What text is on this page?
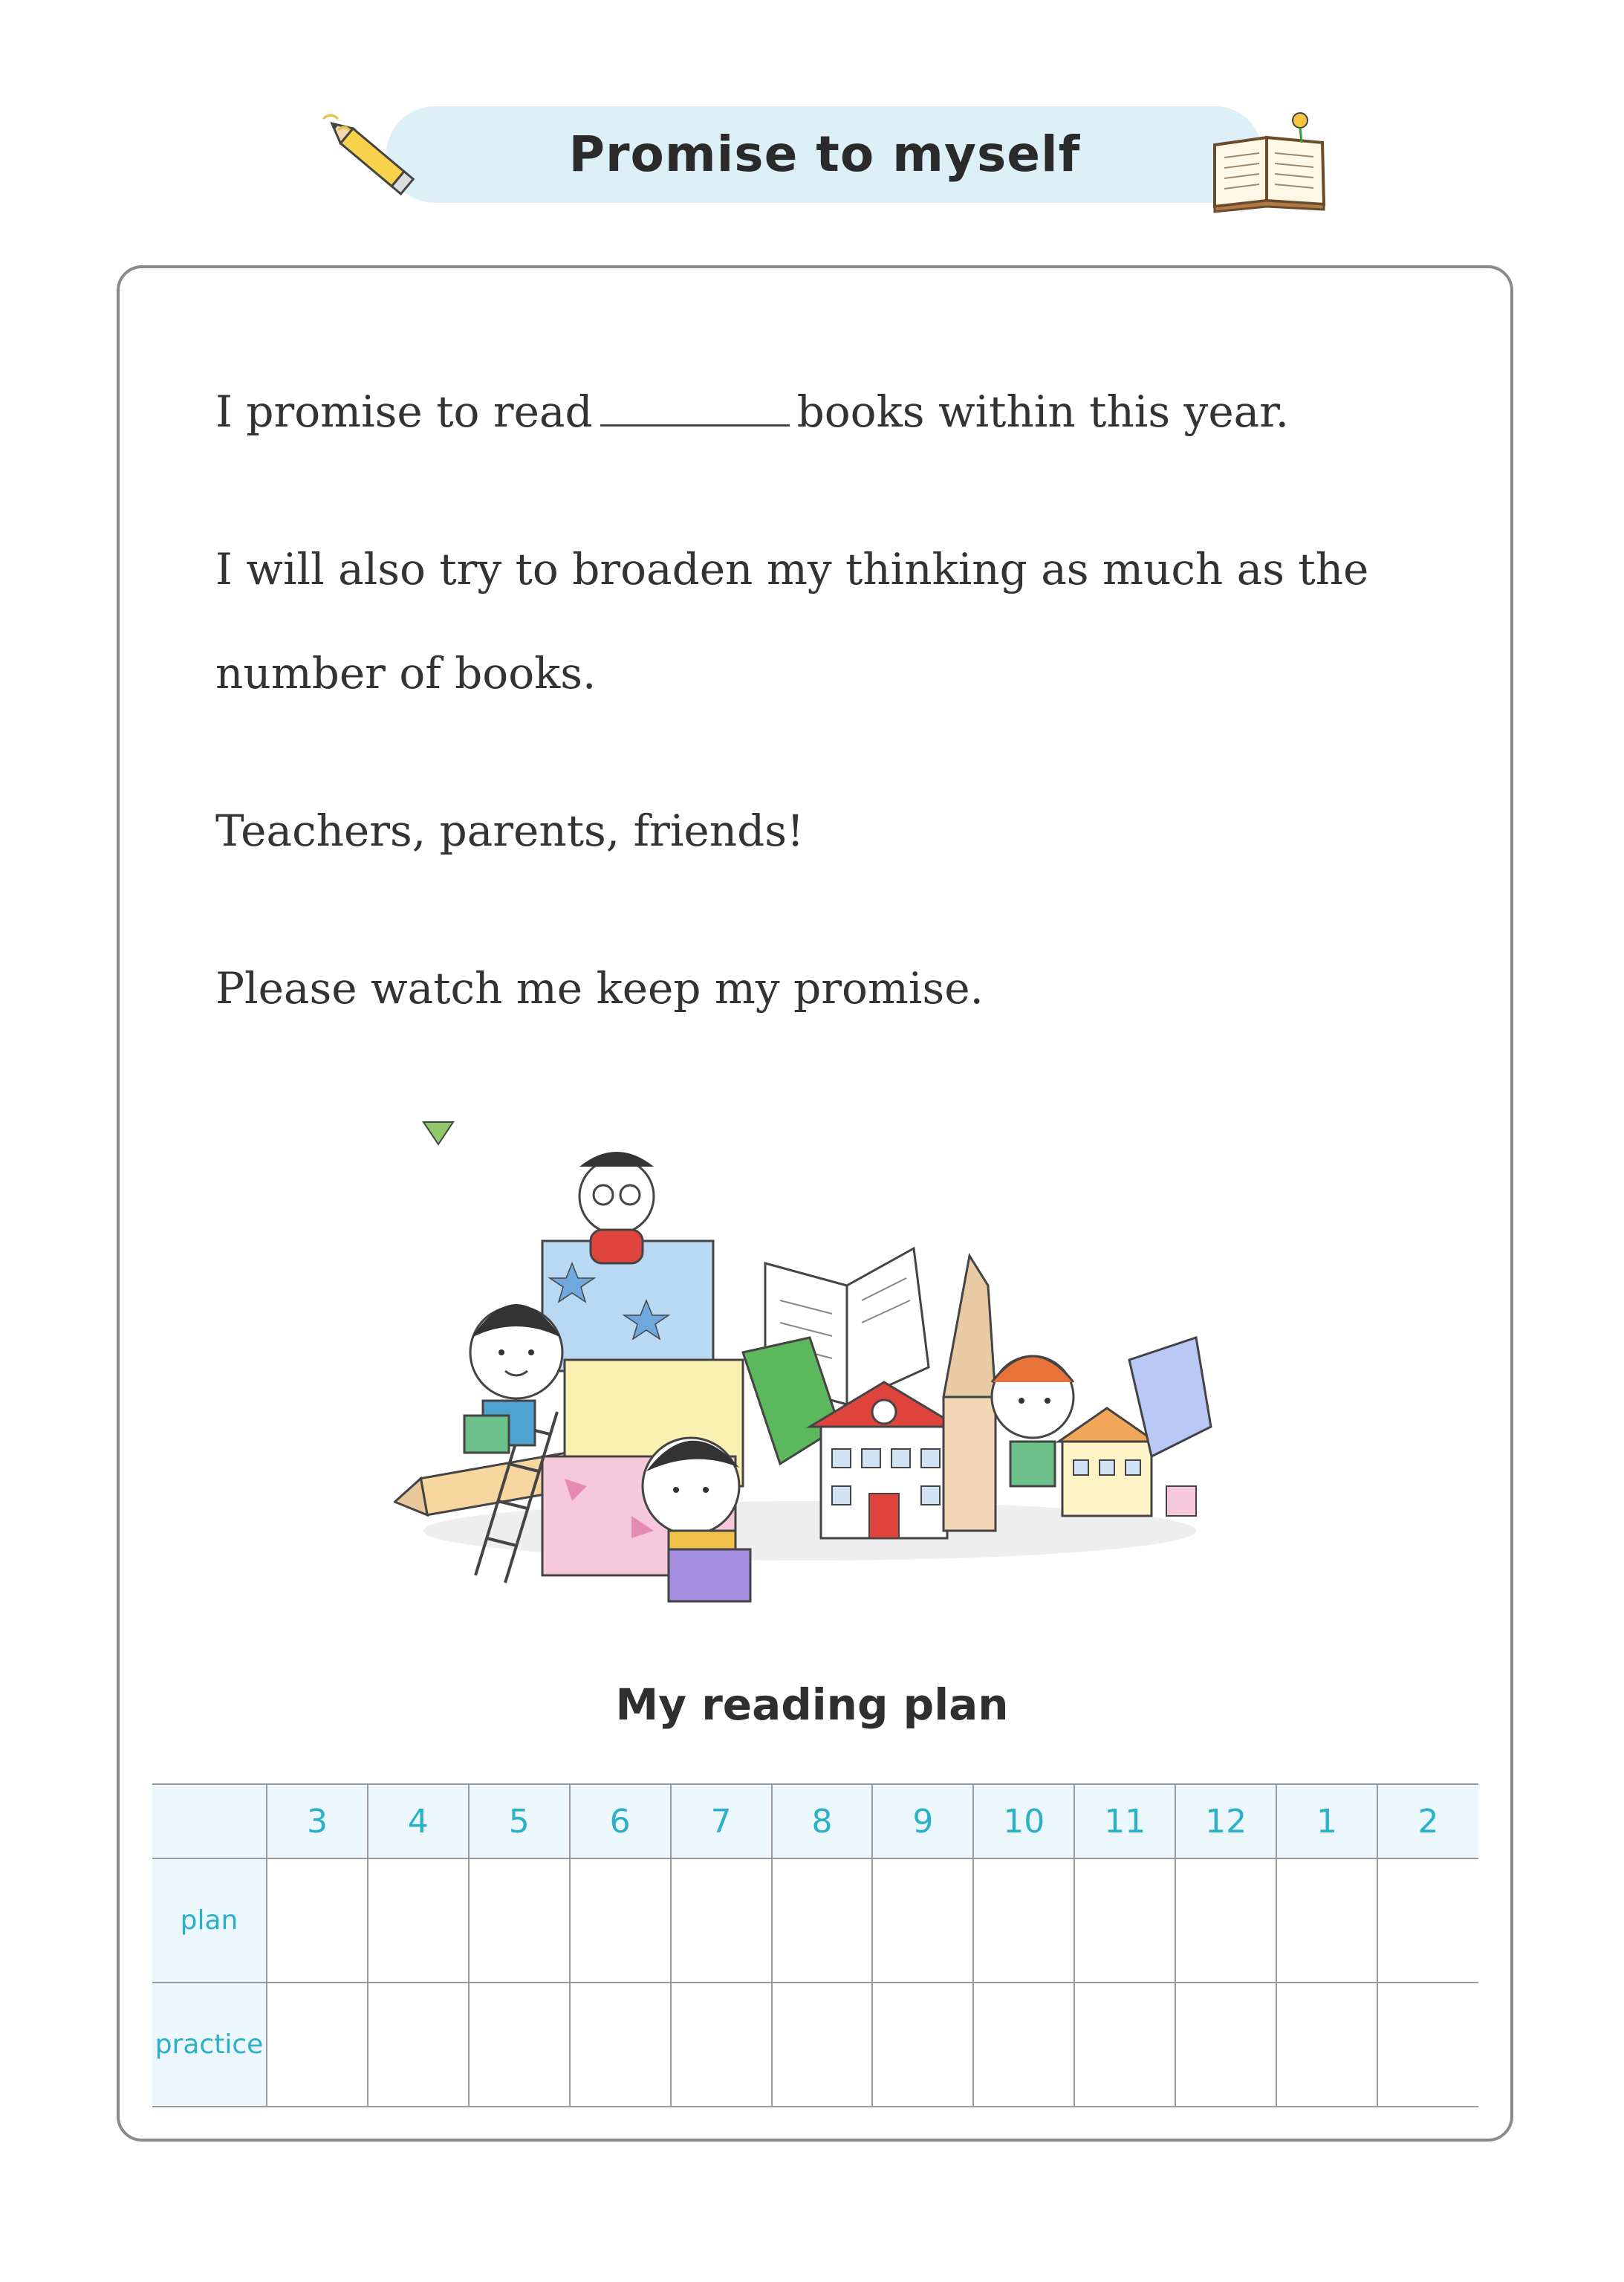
Promise to myself
I promise to read	books within this year.
I will also try to broaden my thinking as much as the
number of books.
Teachers, parents, friends!
Please watch me keep my promise.
My reading plan
	3	4	5	6	7	8	9	10	11	12	1	2
plan												
practice												
